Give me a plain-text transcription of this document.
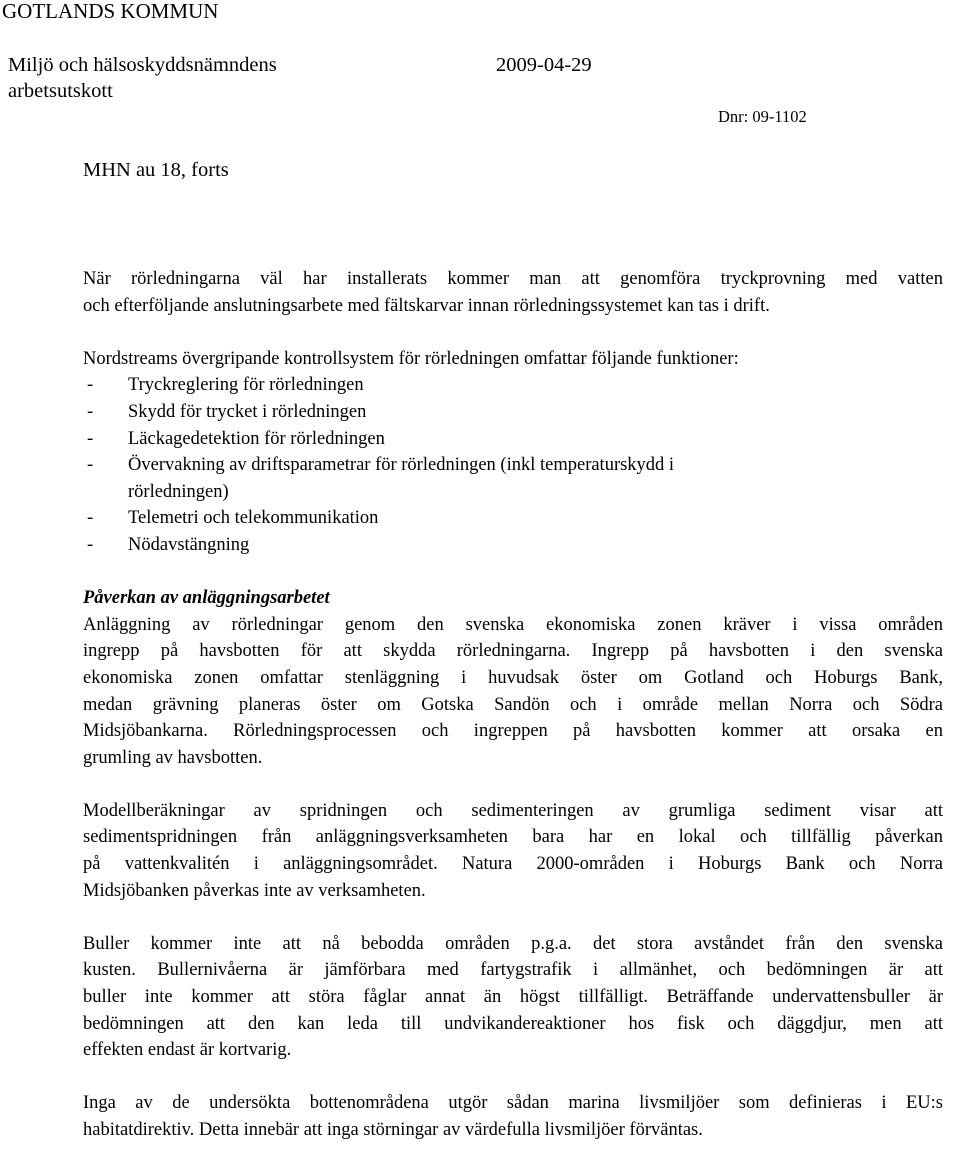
GOTLANDS KOMMUN
Miljö och hälsoskyddsnämndens
arbetsutskott
2009-04-29
Dnr: 09-1102
MHN au 18, forts
När rörledningarna väl har installerats kommer man att genomföra tryckprovning med vatten
och efterföljande anslutningsarbete med fältskarvar innan rörledningssystemet kan tas i drift.
Nordstreams övergripande kontrollsystem för rörledningen omfattar följande funktioner:
-	Tryckreglering för rörledningen
-	Skydd för trycket i rörledningen
-	Läckagedetektion för rörledningen
-	Övervakning av driftsparametrar för rörledningen (inkl temperaturskydd i
rörledningen)
-	Telemetri och telekommunikation
-	Nödavstängning
Påverkan av anläggningsarbetet
Anläggning av rörledningar genom den svenska ekonomiska zonen kräver i vissa områden
ingrepp på havsbotten för att skydda rörledningarna. Ingrepp på havsbotten i den svenska
ekonomiska zonen omfattar stenläggning i huvudsak öster om Gotland och Hoburgs Bank,
medan grävning planeras öster om Gotska Sandön och i område mellan Norra och Södra
Midsjöbankarna. Rörledningsprocessen och ingreppen på havsbotten kommer att orsaka en
grumling av havsbotten.
Modellberäkningar av spridningen och sedimenteringen av grumliga sediment visar att
sedimentspridningen från anläggningsverksamheten bara har en lokal och tillfällig påverkan
på vattenkvalitén i anläggningsområdet. Natura 2000-områden i Hoburgs Bank och Norra
Midsjöbanken påverkas inte av verksamheten.
Buller kommer inte att nå bebodda områden p.g.a. det stora avståndet från den svenska
kusten. Bullernivåerna är jämförbara med fartygstrafik i allmänhet, och bedömningen är att
buller inte kommer att störa fåglar annat än högst tillfälligt. Beträffande undervattensbuller är
bedömningen att den kan leda till undvikandereaktioner hos fisk och däggdjur, men att
effekten endast är kortvarig.
Inga av de undersökta bottenområdena utgör sådan marina livsmiljöer som definieras i EU:s
habitatdirektiv. Detta innebär att inga störningar av värdefulla livsmiljöer förväntas.
